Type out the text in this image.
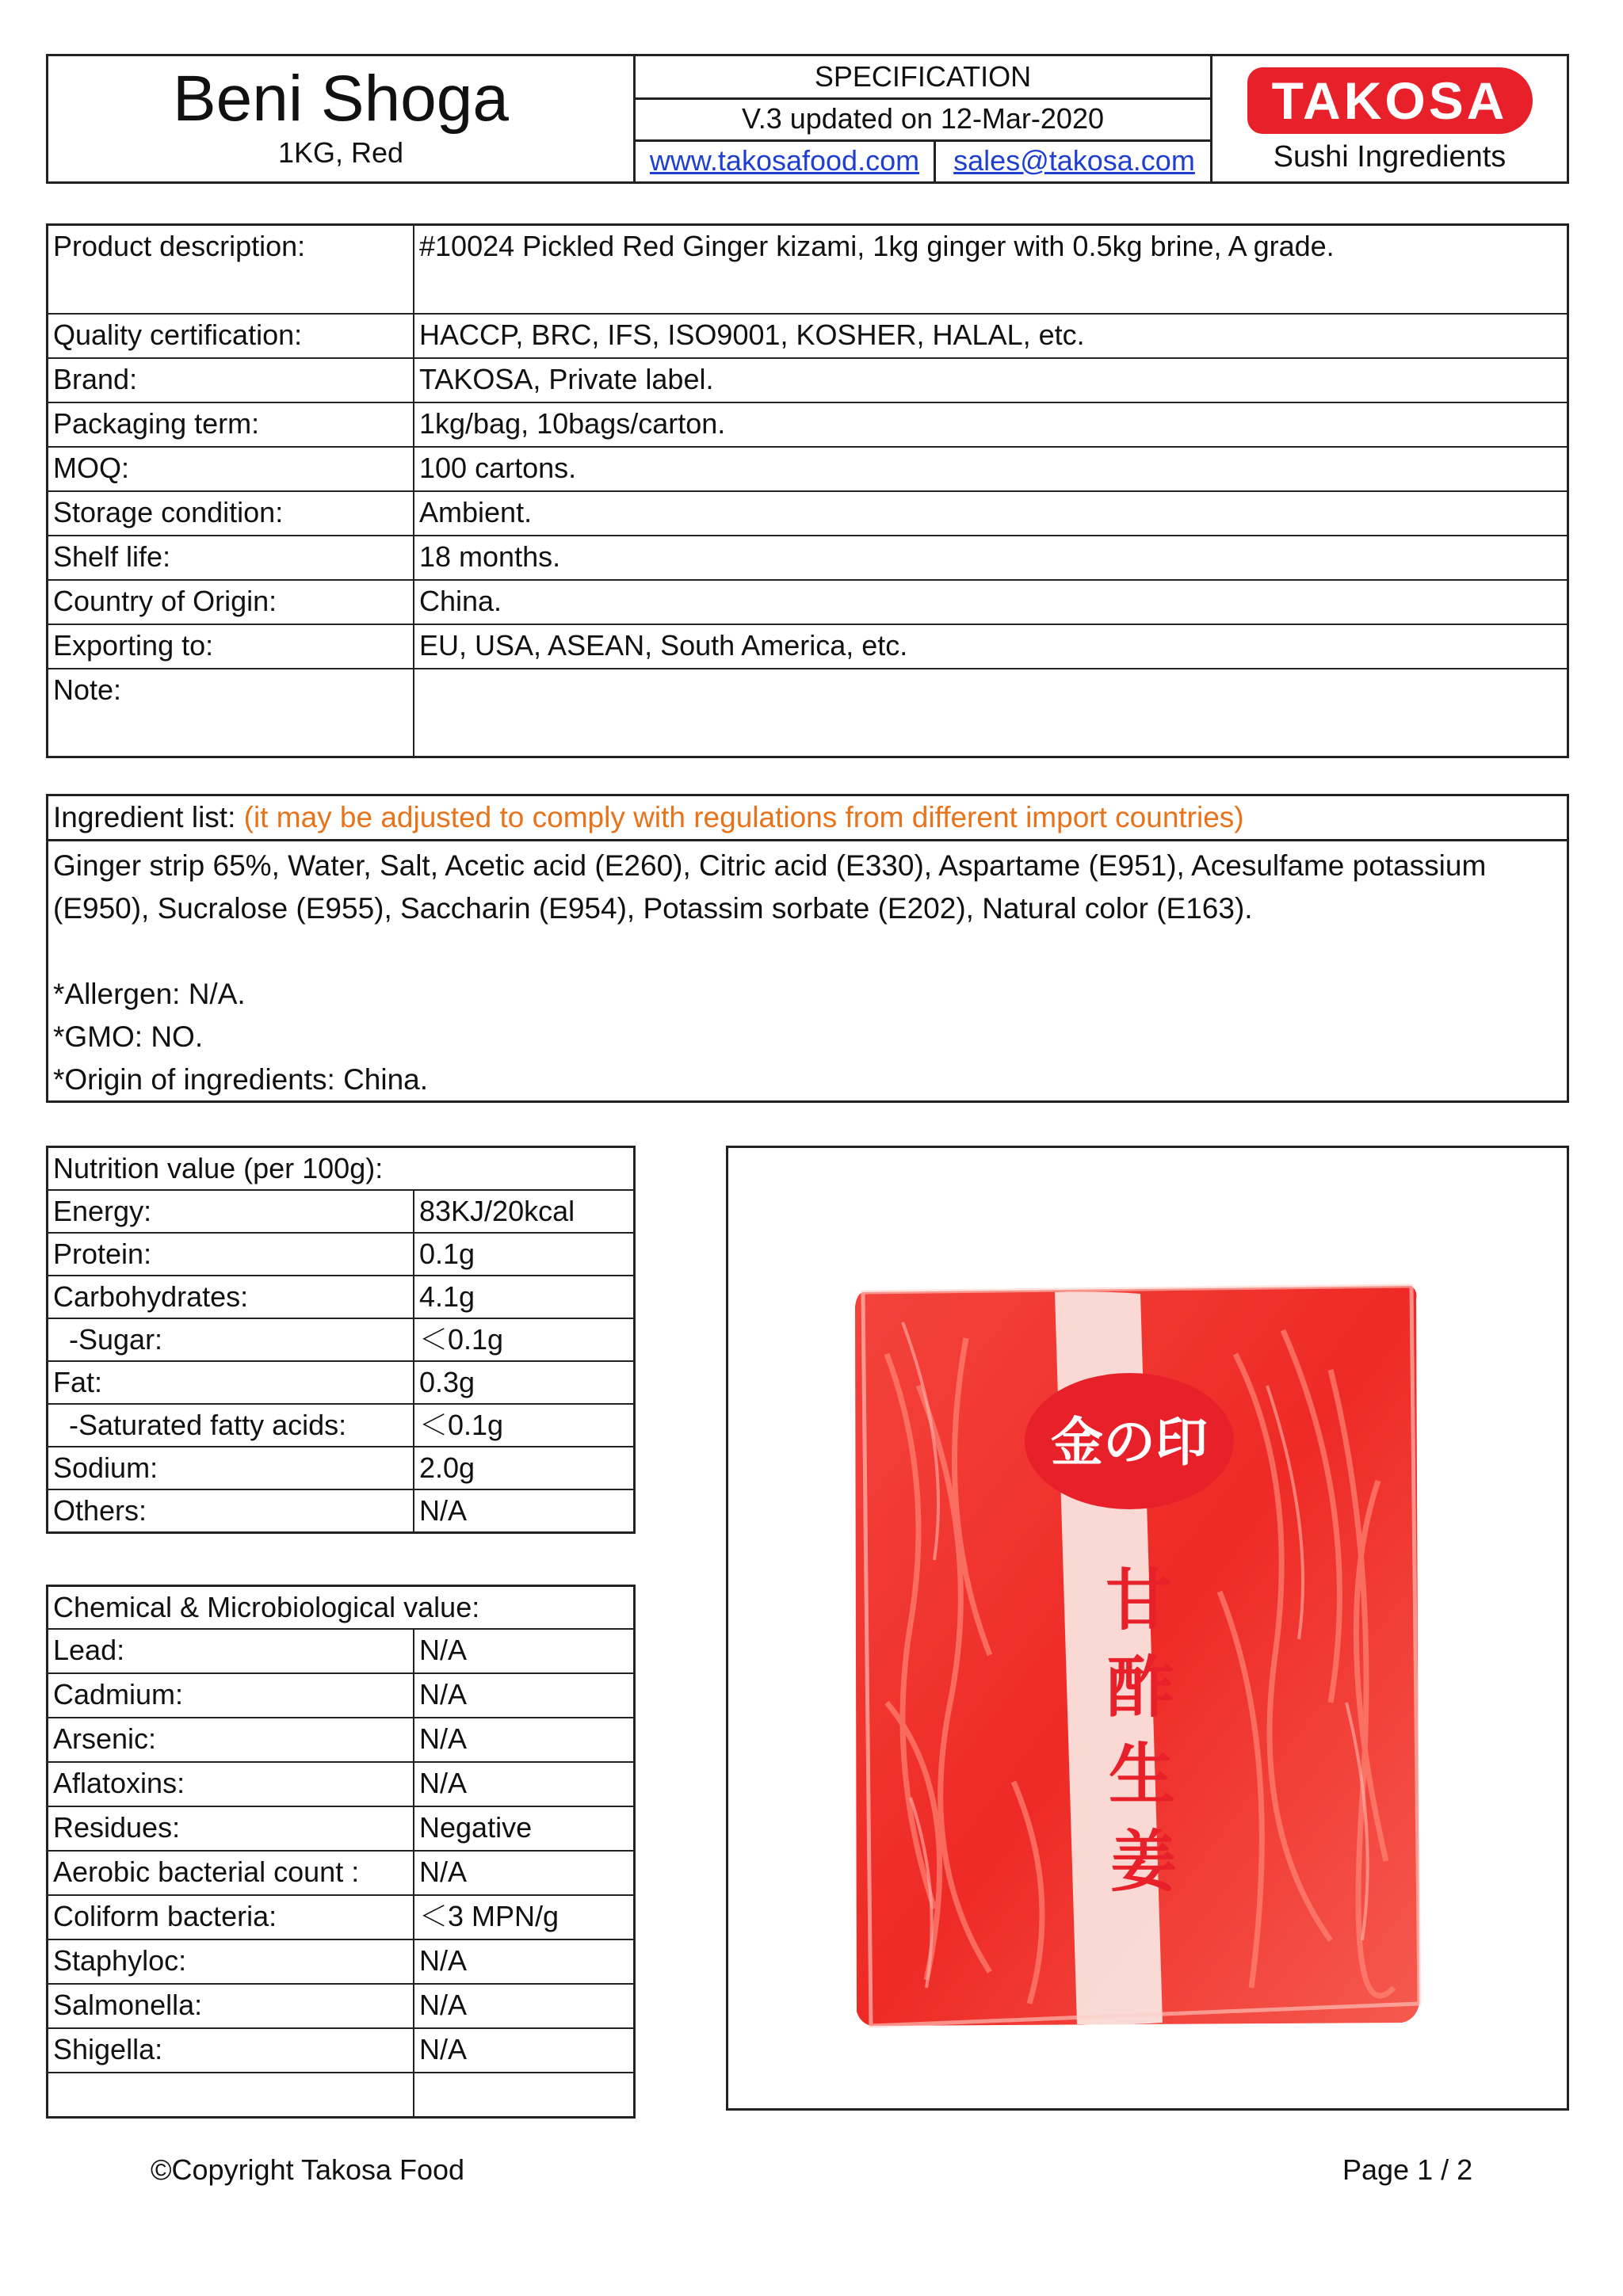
Beni Shoga
1KG, Red
SPECIFICATION
V.3 updated on 12-Mar-2020
www.takosafood.com	sales@takosa.com
TAKOSA
Sushi Ingredients
Product description:	#10024 Pickled Red Ginger kizami, 1kg ginger with 0.5kg brine, A grade.
Quality certification:	HACCP, BRC, IFS, ISO9001, KOSHER, HALAL, etc.
Brand:	TAKOSA, Private label.
Packaging term:	1kg/bag, 10bags/carton.
MOQ:	100 cartons.
Storage condition:	Ambient.
Shelf life:	18 months.
Country of Origin:	China.
Exporting to:	EU, USA, ASEAN, South America, etc.
Note:	
Ingredient list: (it may be adjusted to comply with regulations from different import countries)

Ginger strip 65%, Water, Salt, Acetic acid (E260), Citric acid (E330), Aspartame (E951), Acesulfame potassium

(E950), Sucralose (E955), Saccharin (E954), Potassim sorbate (E202), Natural color (E163).

*Allergen: N/A.

*GMO: NO.

*Origin of ingredients: China.

Nutrition value (per 100g):	
Energy:	83KJ/20kcal
Protein:	0.1g
Carbohydrates:	4.1g
-Sugar:	＜0.1g
Fat:	0.3g
-Saturated fatty acids:	＜0.1g
Sodium:	2.0g
Others:	N/A
Chemical & Microbiological value:	
Lead:	N/A
Cadmium:	N/A
Arsenic:	N/A
Aflatoxins:	N/A
Residues:	Negative
Aerobic bacterial count :	N/A
Coliform bacteria:	＜3 MPN/g
Staphyloc:	N/A
Salmonella:	N/A
Shigella:	N/A

金の印
甘
酢
生
姜
©Copyright Takosa Food	Page 1 / 2
